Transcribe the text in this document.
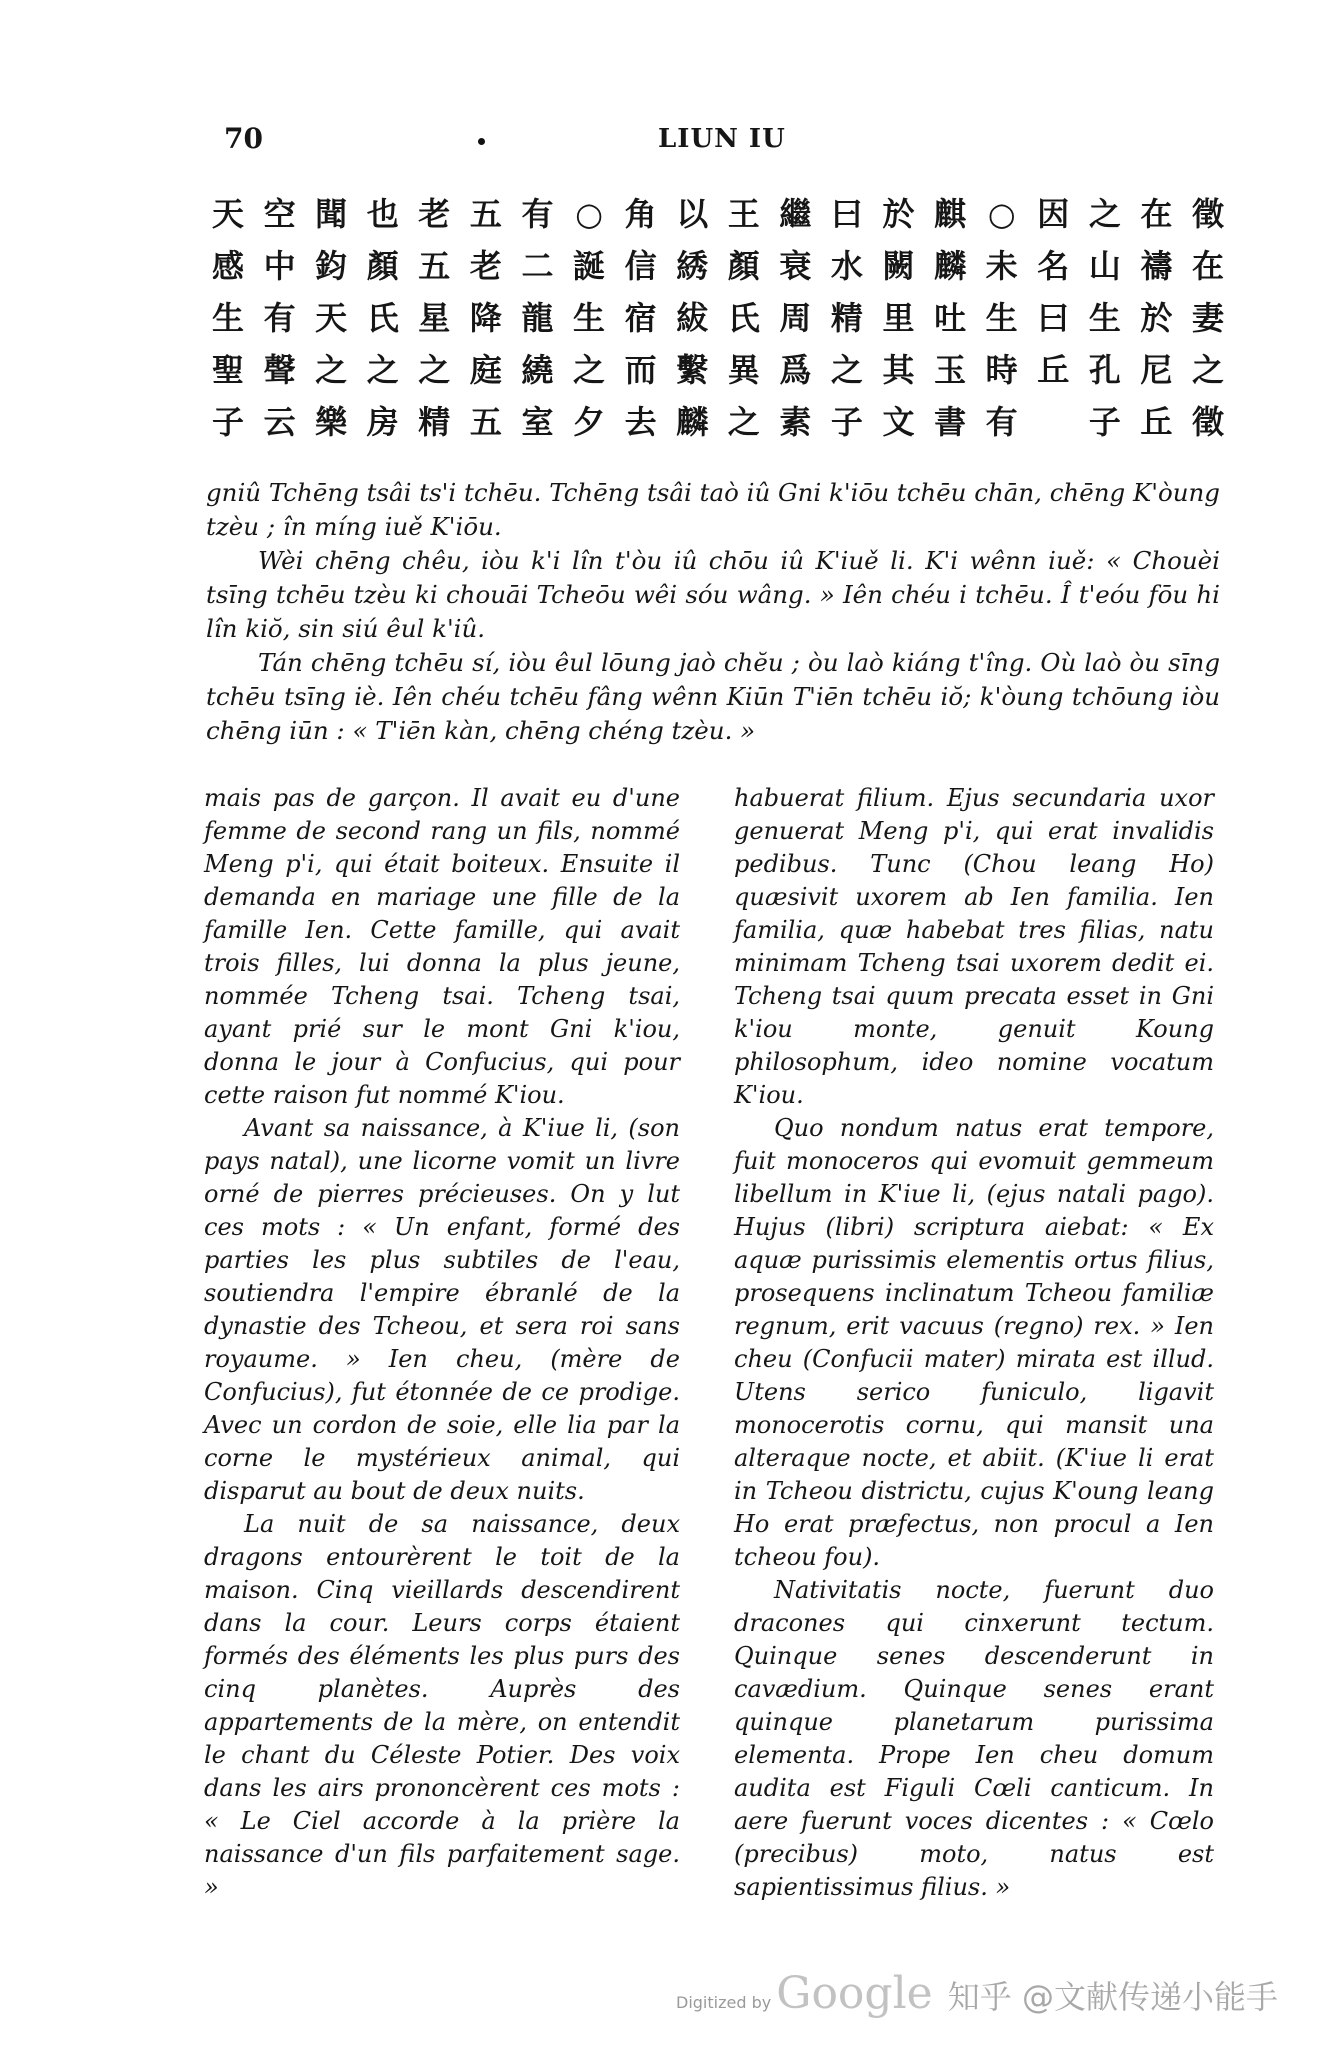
70	LIUN IU
徵
在
妻
之
徵
在
禱
於
尼
丘
之
山
生
孔
子
因
名
曰
丘
○
未
生
時
有
麒
麟
吐
玉
書
於
闕
里
其
文
曰
水
精
之
子
繼
衰
周
爲
素
王
顏
氏
異
之
以
綉
紱
繫
麟
角
信
宿
而
去
○
誕
生
之
夕
有
二
龍
繞
室
五
老
降
庭
五
老
五
星
之
精
也
顏
氏
之
房
聞
鈞
天
之
樂
空
中
有
聲
云
天
感
生
聖
子

gniû Tchēng tsâi ts'i tchēu. Tchēng tsâi taò iû Gni k'iōu tchēu chān, chēng K'òung tzèu ; în míng iuě K'iōu.

Wèi chēng chêu, iòu k'i lîn t'òu iû chōu iû K'iuě li. K'i wênn iuě: « Chouèi tsīng tchēu tzèu ki chouāi Tcheōu wêi sóu wâng. » Iên chéu i tchēu. Î t'eóu fōu hi lîn kiŏ, sin siú êul k'iû.

Tán chēng tchēu sí, iòu êul lōung jaò chĕu ; òu laò kiáng t'îng. Où laò òu sīng tchēu tsīng iè. Iên chéu tchēu fâng wênn Kiūn T'iēn tchēu iŏ; k'òung tchōung iòu chēng iūn : « T'iēn kàn, chēng chéng tzèu. »

mais pas de garçon. Il avait eu d'une femme de second rang un fils, nommé Meng p'i, qui était boiteux. Ensuite il demanda en mariage une fille de la famille Ien. Cette famille, qui avait trois filles, lui donna la plus jeune, nommée Tcheng tsai. Tcheng tsai, ayant prié sur le mont Gni k'iou, donna le jour à Confucius, qui pour cette raison fut nommé K'iou.

Avant sa naissance, à K'iue li, (son pays natal), une licorne vomit un livre orné de pierres précieuses. On y lut ces mots : « Un enfant, formé des parties les plus subtiles de l'eau, soutiendra l'empire ébranlé de la dynastie des Tcheou, et sera roi sans royaume. » Ien cheu, (mère de Confucius), fut étonnée de ce prodige. Avec un cordon de soie, elle lia par la corne le mystérieux animal, qui disparut au bout de deux nuits.

La nuit de sa naissance, deux dragons entourèrent le toit de la maison. Cinq vieillards descendirent dans la cour. Leurs corps étaient formés des éléments les plus purs des cinq planètes. Auprès des appartements de la mère, on entendit le chant du Céleste Potier. Des voix dans les airs prononcèrent ces mots : « Le Ciel accorde à la prière la naissance d'un fils parfaitement sage. »

habuerat filium. Ejus secundaria uxor genuerat Meng p'i, qui erat invalidis pedibus. Tunc (Chou leang Ho) quæsivit uxorem ab Ien familia. Ien familia, quæ habebat tres filias, natu minimam Tcheng tsai uxorem dedit ei. Tcheng tsai quum precata esset in Gni k'iou monte, genuit Koung philosophum, ideo nomine vocatum K'iou.

Quo nondum natus erat tempore, fuit monoceros qui evomuit gemmeum libellum in K'iue li, (ejus natali pago). Hujus (libri) scriptura aiebat: « Ex aquæ purissimis elementis ortus filius, prosequens inclinatum Tcheou familiæ regnum, erit vacuus (regno) rex. » Ien cheu (Confucii mater) mirata est illud. Utens serico funiculo, ligavit monocerotis cornu, qui mansit una alteraque nocte, et abiit. (K'iue li erat in Tcheou districtu, cujus K'oung leang Ho erat præfectus, non procul a Ien tcheou fou).

Nativitatis nocte, fuerunt duo dracones qui cinxerunt tectum. Quinque senes descenderunt in cavædium. Quinque senes erant quinque planetarum purissima elementa. Prope Ien cheu domum audita est Figuli Cœli canticum. In aere fuerunt voces dicentes : « Cœlo (precibus) moto, natus est sapientissimus filius. »

Digitized by Google 知乎 @文献传递小能手
